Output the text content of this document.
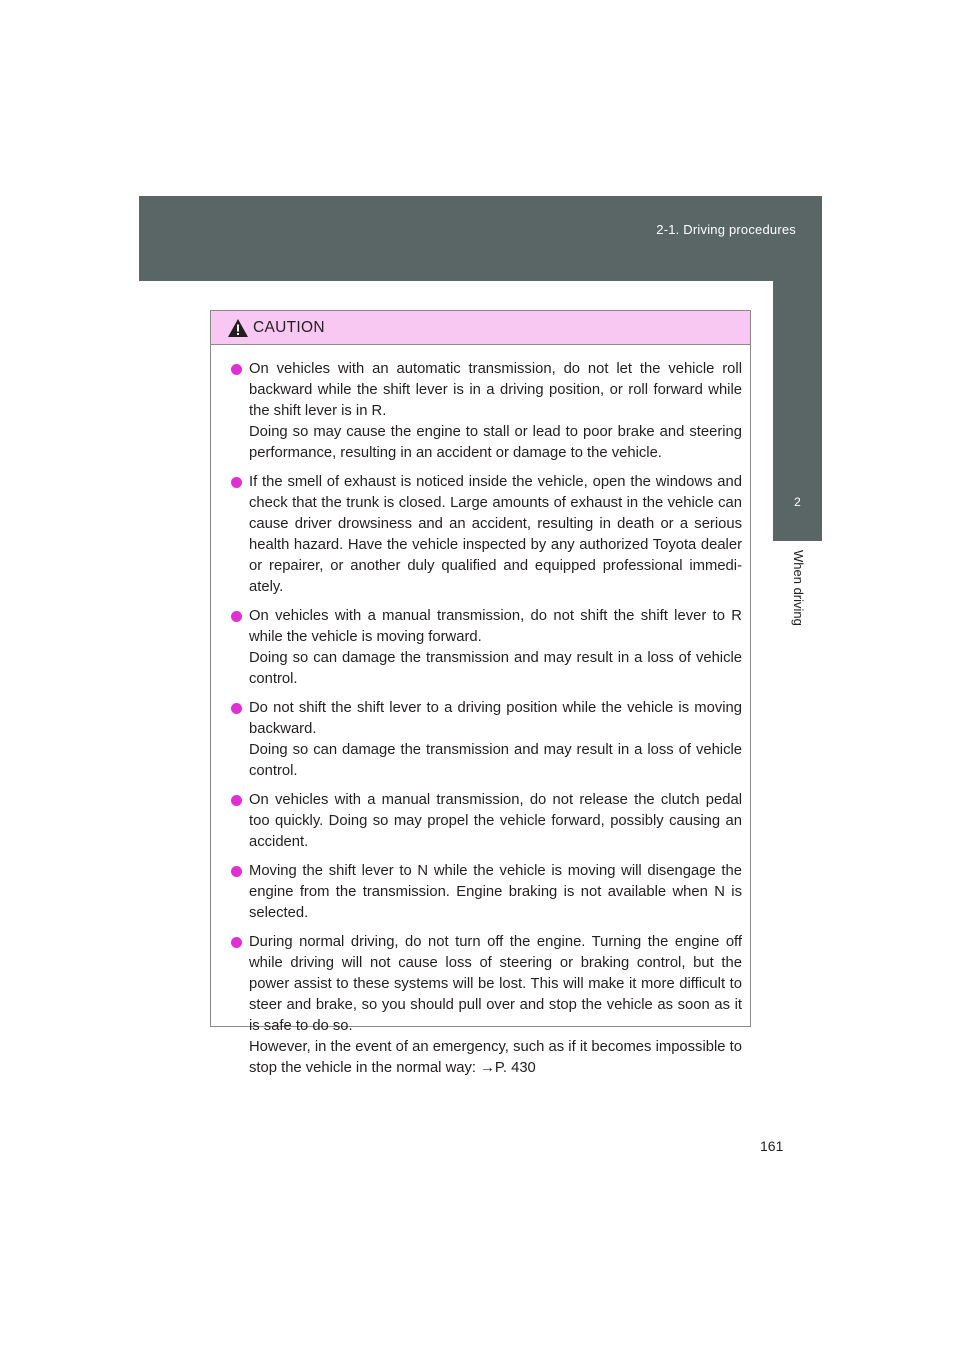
2-1. Driving procedures
2
When driving
CAUTION
On vehicles with an automatic transmission, do not let the vehicle roll backward while the shift lever is in a driving position, or roll forward while the shift lever is in R.
Doing so may cause the engine to stall or lead to poor brake and steering performance, resulting in an accident or damage to the vehicle.
If the smell of exhaust is noticed inside the vehicle, open the windows and check that the trunk is closed. Large amounts of exhaust in the vehicle can cause driver drowsiness and an accident, resulting in death or a serious health hazard. Have the vehicle inspected by any authorized Toyota dealer or repairer, or another duly qualified and equipped professional immedi- ately.
On vehicles with a manual transmission, do not shift the shift lever to R while the vehicle is moving forward.
Doing so can damage the transmission and may result in a loss of vehicle control.
Do not shift the shift lever to a driving position while the vehicle is moving backward.
Doing so can damage the transmission and may result in a loss of vehicle control.
On vehicles with a manual transmission, do not release the clutch pedal too quickly. Doing so may propel the vehicle forward, possibly causing an accident.
Moving the shift lever to N while the vehicle is moving will disengage the engine from the transmission. Engine braking is not available when N is selected.
During normal driving, do not turn off the engine. Turning the engine off while driving will not cause loss of steering or braking control, but the power assist to these systems will be lost. This will make it more difficult to steer and brake, so you should pull over and stop the vehicle as soon as it is safe to do so.
However, in the event of an emergency, such as if it becomes impossible to stop the vehicle in the normal way: →P. 430
161
